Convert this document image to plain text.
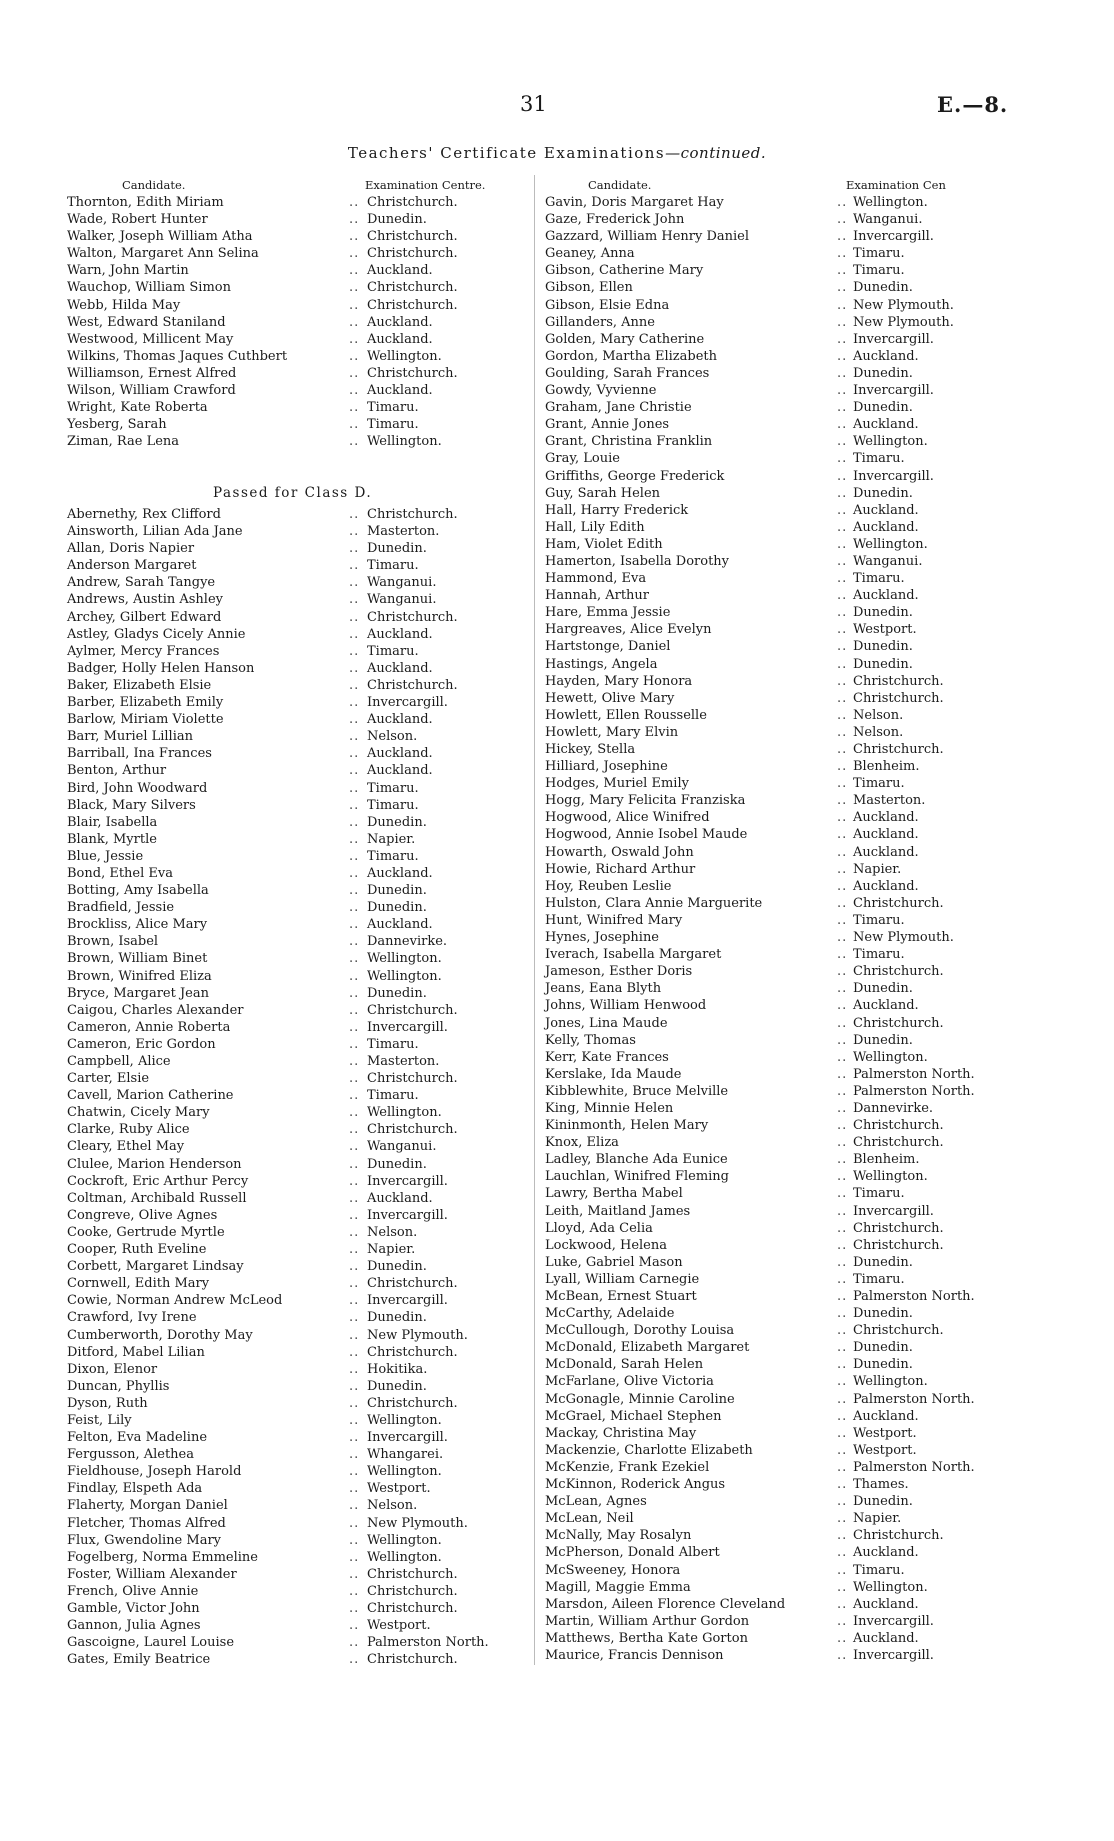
31	E.—8.
Teachers' Certificate Examinations—continued.
Candidate.	Examination Centre.	Candidate.	Examination Cen
Thornton, Edith Miriam	.. Christchurch.
Wade, Robert Hunter	.. Dunedin.
Walker, Joseph William Atha	.. Christchurch.
Walton, Margaret Ann Selina	.. Christchurch.
Warn, John Martin	.. Auckland.
Wauchop, William Simon	.. Christchurch.
Webb, Hilda May	.. Christchurch.
West, Edward Staniland	.. Auckland.
Westwood, Millicent May	.. Auckland.
Wilkins, Thomas Jaques Cuthbert	.. Wellington.
Williamson, Ernest Alfred	.. Christchurch.
Wilson, William Crawford	.. Auckland.
Wright, Kate Roberta	.. Timaru.
Yesberg, Sarah	.. Timaru.
Ziman, Rae Lena	.. Wellington.
Passed for Class D.
Abernethy, Rex Clifford	.. Christchurch.
Ainsworth, Lilian Ada Jane	.. Masterton.
Allan, Doris Napier	.. Dunedin.
Anderson Margaret	.. Timaru.
Andrew, Sarah Tangye	.. Wanganui.
Andrews, Austin Ashley	.. Wanganui.
Archey, Gilbert Edward	.. Christchurch.
Astley, Gladys Cicely Annie	.. Auckland.
Aylmer, Mercy Frances	.. Timaru.
Badger, Holly Helen Hanson	.. Auckland.
Baker, Elizabeth Elsie	.. Christchurch.
Barber, Elizabeth Emily	.. Invercargill.
Barlow, Miriam Violette	.. Auckland.
Barr, Muriel Lillian	.. Nelson.
Barriball, Ina Frances	.. Auckland.
Benton, Arthur	.. Auckland.
Bird, John Woodward	.. Timaru.
Black, Mary Silvers	.. Timaru.
Blair, Isabella	.. Dunedin.
Blank, Myrtle	.. Napier.
Blue, Jessie	.. Timaru.
Bond, Ethel Eva	.. Auckland.
Botting, Amy Isabella	.. Dunedin.
Bradfield, Jessie	.. Dunedin.
Brockliss, Alice Mary	.. Auckland.
Brown, Isabel	.. Dannevirke.
Brown, William Binet	.. Wellington.
Brown, Winifred Eliza	.. Wellington.
Bryce, Margaret Jean	.. Dunedin.
Caigou, Charles Alexander	.. Christchurch.
Cameron, Annie Roberta	.. Invercargill.
Cameron, Eric Gordon	.. Timaru.
Campbell, Alice	.. Masterton.
Carter, Elsie	.. Christchurch.
Cavell, Marion Catherine	.. Timaru.
Chatwin, Cicely Mary	.. Wellington.
Clarke, Ruby Alice	.. Christchurch.
Cleary, Ethel May	.. Wanganui.
Clulee, Marion Henderson	.. Dunedin.
Cockroft, Eric Arthur Percy	.. Invercargill.
Coltman, Archibald Russell	.. Auckland.
Congreve, Olive Agnes	.. Invercargill.
Cooke, Gertrude Myrtle	.. Nelson.
Cooper, Ruth Eveline	.. Napier.
Corbett, Margaret Lindsay	.. Dunedin.
Cornwell, Edith Mary	.. Christchurch.
Cowie, Norman Andrew McLeod	.. Invercargill.
Crawford, Ivy Irene	.. Dunedin.
Cumberworth, Dorothy May	.. New Plymouth.
Ditford, Mabel Lilian	.. Christchurch.
Dixon, Elenor	.. Hokitika.
Duncan, Phyllis	.. Dunedin.
Dyson, Ruth	.. Christchurch.
Feist, Lily	.. Wellington.
Felton, Eva Madeline	.. Invercargill.
Fergusson, Alethea	.. Whangarei.
Fieldhouse, Joseph Harold	.. Wellington.
Findlay, Elspeth Ada	.. Westport.
Flaherty, Morgan Daniel	.. Nelson.
Fletcher, Thomas Alfred	.. New Plymouth.
Flux, Gwendoline Mary	.. Wellington.
Fogelberg, Norma Emmeline	.. Wellington.
Foster, William Alexander	.. Christchurch.
French, Olive Annie	.. Christchurch.
Gamble, Victor John	.. Christchurch.
Gannon, Julia Agnes	.. Westport.
Gascoigne, Laurel Louise	.. Palmerston North.
Gates, Emily Beatrice	.. Christchurch.
Gavin, Doris Margaret Hay	.. Wellington.
Gaze, Frederick John	.. Wanganui.
Gazzard, William Henry Daniel	.. Invercargill.
Geaney, Anna	.. Timaru.
Gibson, Catherine Mary	.. Timaru.
Gibson, Ellen	.. Dunedin.
Gibson, Elsie Edna	.. New Plymouth.
Gillanders, Anne	.. New Plymouth.
Golden, Mary Catherine	.. Invercargill.
Gordon, Martha Elizabeth	.. Auckland.
Goulding, Sarah Frances	.. Dunedin.
Gowdy, Vyvienne	.. Invercargill.
Graham, Jane Christie	.. Dunedin.
Grant, Annie Jones	.. Auckland.
Grant, Christina Franklin	.. Wellington.
Gray, Louie	.. Timaru.
Griffiths, George Frederick	.. Invercargill.
Guy, Sarah Helen	.. Dunedin.
Hall, Harry Frederick	.. Auckland.
Hall, Lily Edith	.. Auckland.
Ham, Violet Edith	.. Wellington.
Hamerton, Isabella Dorothy	.. Wanganui.
Hammond, Eva	.. Timaru.
Hannah, Arthur	.. Auckland.
Hare, Emma Jessie	.. Dunedin.
Hargreaves, Alice Evelyn	.. Westport.
Hartstonge, Daniel	.. Dunedin.
Hastings, Angela	.. Dunedin.
Hayden, Mary Honora	.. Christchurch.
Hewett, Olive Mary	.. Christchurch.
Howlett, Ellen Rousselle	.. Nelson.
Howlett, Mary Elvin	.. Nelson.
Hickey, Stella	.. Christchurch.
Hilliard, Josephine	.. Blenheim.
Hodges, Muriel Emily	.. Timaru.
Hogg, Mary Felicita Franziska	.. Masterton.
Hogwood, Alice Winifred	.. Auckland.
Hogwood, Annie Isobel Maude	.. Auckland.
Howarth, Oswald John	.. Auckland.
Howie, Richard Arthur	.. Napier.
Hoy, Reuben Leslie	.. Auckland.
Hulston, Clara Annie Marguerite	.. Christchurch.
Hunt, Winifred Mary	.. Timaru.
Hynes, Josephine	.. New Plymouth.
Iverach, Isabella Margaret	.. Timaru.
Jameson, Esther Doris	.. Christchurch.
Jeans, Eana Blyth	.. Dunedin.
Johns, William Henwood	.. Auckland.
Jones, Lina Maude	.. Christchurch.
Kelly, Thomas	.. Dunedin.
Kerr, Kate Frances	.. Wellington.
Kerslake, Ida Maude	.. Palmerston North.
Kibblewhite, Bruce Melville	.. Palmerston North.
King, Minnie Helen	.. Dannevirke.
Kininmonth, Helen Mary	.. Christchurch.
Knox, Eliza	.. Christchurch.
Ladley, Blanche Ada Eunice	.. Blenheim.
Lauchlan, Winifred Fleming	.. Wellington.
Lawry, Bertha Mabel	.. Timaru.
Leith, Maitland James	.. Invercargill.
Lloyd, Ada Celia	.. Christchurch.
Lockwood, Helena	.. Christchurch.
Luke, Gabriel Mason	.. Dunedin.
Lyall, William Carnegie	.. Timaru.
McBean, Ernest Stuart	.. Palmerston North.
McCarthy, Adelaide	.. Dunedin.
McCullough, Dorothy Louisa	.. Christchurch.
McDonald, Elizabeth Margaret	.. Dunedin.
McDonald, Sarah Helen	.. Dunedin.
McFarlane, Olive Victoria	.. Wellington.
McGonagle, Minnie Caroline	.. Palmerston North.
McGrael, Michael Stephen	.. Auckland.
Mackay, Christina May	.. Westport.
Mackenzie, Charlotte Elizabeth	.. Westport.
McKenzie, Frank Ezekiel	.. Palmerston North.
McKinnon, Roderick Angus	.. Thames.
McLean, Agnes	.. Dunedin.
McLean, Neil	.. Napier.
McNally, May Rosalyn	.. Christchurch.
McPherson, Donald Albert	.. Auckland.
McSweeney, Honora	.. Timaru.
Magill, Maggie Emma	.. Wellington.
Marsdon, Aileen Florence Cleveland	.. Auckland.
Martin, William Arthur Gordon	.. Invercargill.
Matthews, Bertha Kate Gorton	.. Auckland.
Maurice, Francis Dennison	.. Invercargill.
